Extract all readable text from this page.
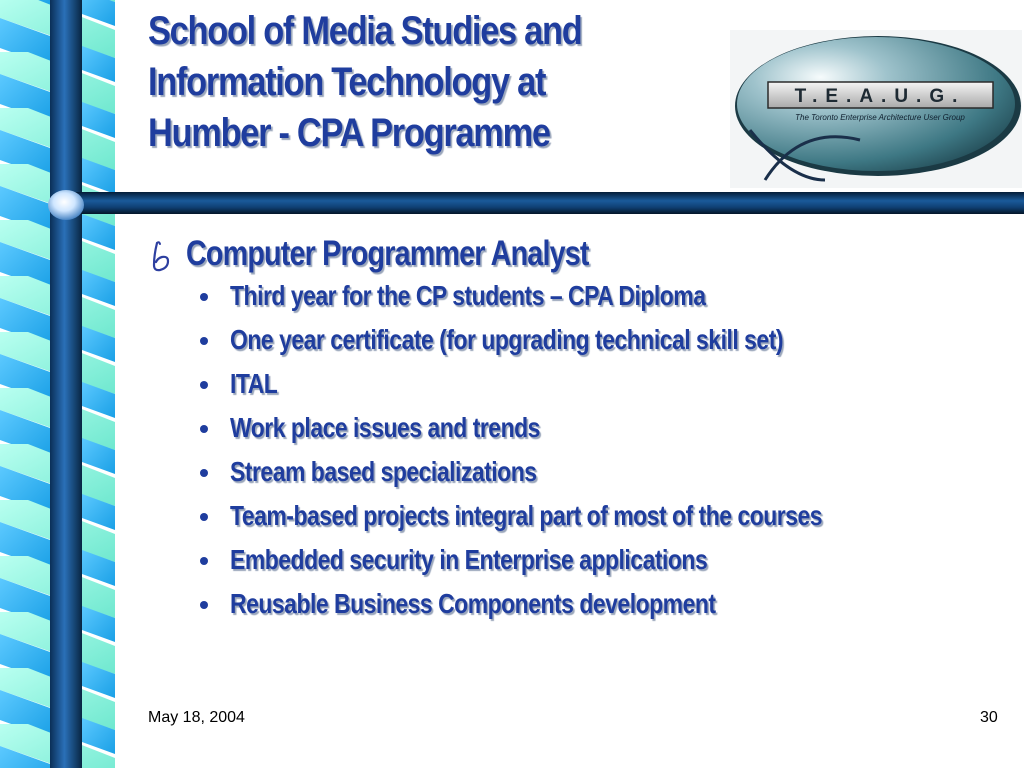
School of Media Studies and Information Technology at Humber - CPA Programme
T.E.A.U.G.
The Toronto Enterprise Architecture User Group
Computer Programmer Analyst
Third year for the CP students – CPA Diploma
One year certificate (for upgrading technical skill set)
ITAL
Work place issues and trends
Stream based specializations
Team-based projects integral part of most of the courses
Embedded security in Enterprise applications
Reusable Business Components development
May 18, 2004	30
